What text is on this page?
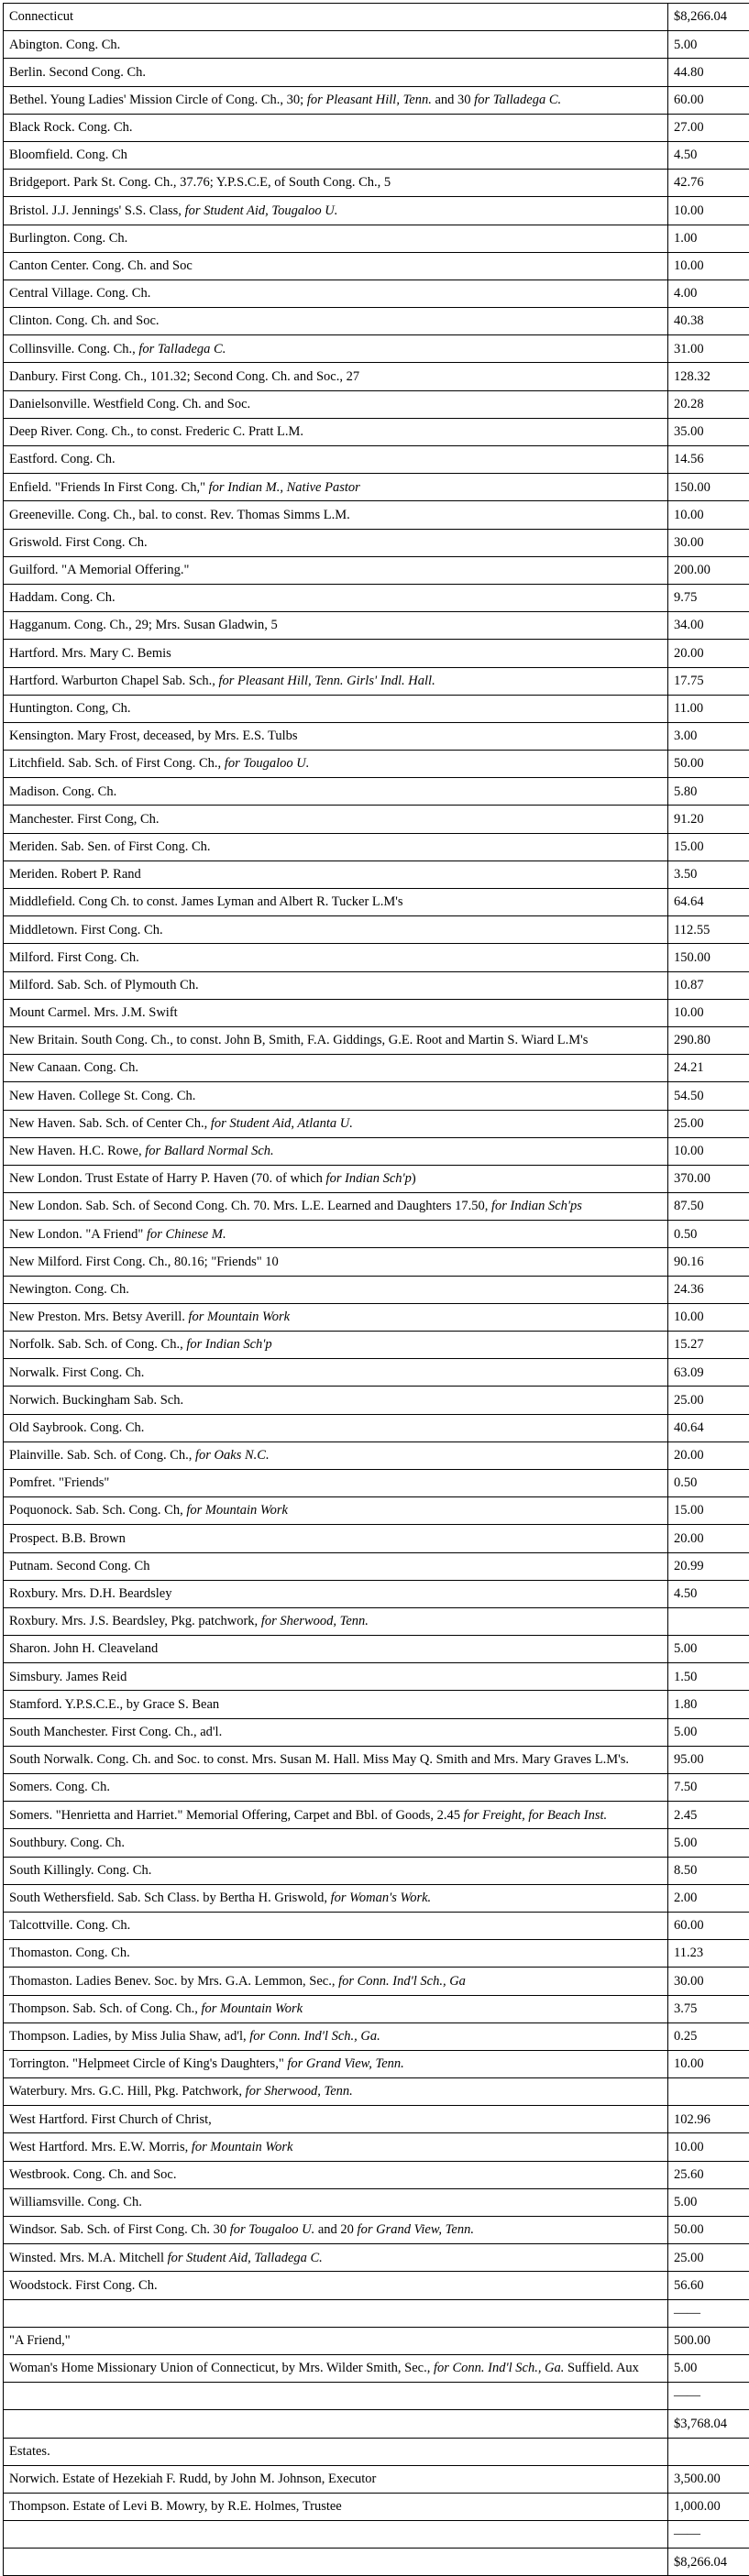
Connecticut	$8,266.04
Abington. Cong. Ch.	5.00
Berlin. Second Cong. Ch.	44.80
Bethel. Young Ladies' Mission Circle of Cong. Ch., 30; for Pleasant Hill, Tenn. and 30 for Talladega C.	60.00
Black Rock. Cong. Ch.	27.00
Bloomfield. Cong. Ch	4.50
Bridgeport. Park St. Cong. Ch., 37.76; Y.P.S.C.E, of South Cong. Ch., 5	42.76
Bristol. J.J. Jennings' S.S. Class, for Student Aid, Tougaloo U.	10.00
Burlington. Cong. Ch.	1.00
Canton Center. Cong. Ch. and Soc	10.00
Central Village. Cong. Ch.	4.00
Clinton. Cong. Ch. and Soc.	40.38
Collinsville. Cong. Ch., for Talladega C.	31.00
Danbury. First Cong. Ch., 101.32; Second Cong. Ch. and Soc., 27	128.32
Danielsonville. Westfield Cong. Ch. and Soc.	20.28
Deep River. Cong. Ch., to const. Frederic C. Pratt L.M.	35.00
Eastford. Cong. Ch.	14.56
Enfield. "Friends In First Cong. Ch," for Indian M., Native Pastor	150.00
Greeneville. Cong. Ch., bal. to const. Rev. Thomas Simms L.M.	10.00
Griswold. First Cong. Ch.	30.00
Guilford. "A Memorial Offering."	200.00
Haddam. Cong. Ch.	9.75
Hagganum. Cong. Ch., 29; Mrs. Susan Gladwin, 5	34.00
Hartford. Mrs. Mary C. Bemis	20.00
Hartford. Warburton Chapel Sab. Sch., for Pleasant Hill, Tenn. Girls' Indl. Hall.	17.75
Huntington. Cong, Ch.	11.00
Kensington. Mary Frost, deceased, by Mrs. E.S. Tulbs	3.00
Litchfield. Sab. Sch. of First Cong. Ch., for Tougaloo U.	50.00
Madison. Cong. Ch.	5.80
Manchester. First Cong, Ch.	91.20
Meriden. Sab. Sen. of First Cong. Ch.	15.00
Meriden. Robert P. Rand	3.50
Middlefield. Cong Ch. to const. James Lyman and Albert R. Tucker L.M's	64.64
Middletown. First Cong. Ch.	112.55
Milford. First Cong. Ch.	150.00
Milford. Sab. Sch. of Plymouth Ch.	10.87
Mount Carmel. Mrs. J.M. Swift	10.00
New Britain. South Cong. Ch., to const. John B, Smith, F.A. Giddings, G.E. Root and Martin S. Wiard L.M's	290.80
New Canaan. Cong. Ch.	24.21
New Haven. College St. Cong. Ch.	54.50
New Haven. Sab. Sch. of Center Ch., for Student Aid, Atlanta U.	25.00
New Haven. H.C. Rowe, for Ballard Normal Sch.	10.00
New London. Trust Estate of Harry P. Haven (70. of which for Indian Sch'p)	370.00
New London. Sab. Sch. of Second Cong. Ch. 70. Mrs. L.E. Learned and Daughters 17.50, for Indian Sch'ps	87.50
New London. "A Friend" for Chinese M.	0.50
New Milford. First Cong. Ch., 80.16; "Friends" 10	90.16
Newington. Cong. Ch.	24.36
New Preston. Mrs. Betsy Averill. for Mountain Work	10.00
Norfolk. Sab. Sch. of Cong. Ch., for Indian Sch'p	15.27
Norwalk. First Cong. Ch.	63.09
Norwich. Buckingham Sab. Sch.	25.00
Old Saybrook. Cong. Ch.	40.64
Plainville. Sab. Sch. of Cong. Ch., for Oaks N.C.	20.00
Pomfret. "Friends"	0.50
Poquonock. Sab. Sch. Cong. Ch, for Mountain Work	15.00
Prospect. B.B. Brown	20.00
Putnam. Second Cong. Ch	20.99
Roxbury. Mrs. D.H. Beardsley	4.50
Roxbury. Mrs. J.S. Beardsley, Pkg. patchwork, for Sherwood, Tenn.	
Sharon. John H. Cleaveland	5.00
Simsbury. James Reid	1.50
Stamford. Y.P.S.C.E., by Grace S. Bean	1.80
South Manchester. First Cong. Ch., ad'l.	5.00
South Norwalk. Cong. Ch. and Soc. to const. Mrs. Susan M. Hall. Miss May Q. Smith and Mrs. Mary Graves L.M's.	95.00
Somers. Cong. Ch.	7.50
Somers. "Henrietta and Harriet." Memorial Offering, Carpet and Bbl. of Goods, 2.45 for Freight, for Beach Inst.	2.45
Southbury. Cong. Ch.	5.00
South Killingly. Cong. Ch.	8.50
South Wethersfield. Sab. Sch Class. by Bertha H. Griswold, for Woman's Work.	2.00
Talcottville. Cong. Ch.	60.00
Thomaston. Cong. Ch.	11.23
Thomaston. Ladies Benev. Soc. by Mrs. G.A. Lemmon, Sec., for Conn. Ind'l Sch., Ga	30.00
Thompson. Sab. Sch. of Cong. Ch., for Mountain Work	3.75
Thompson. Ladies, by Miss Julia Shaw, ad'l, for Conn. Ind'l Sch., Ga.	0.25
Torrington. "Helpmeet Circle of King's Daughters," for Grand View, Tenn.	10.00
Waterbury. Mrs. G.C. Hill, Pkg. Patchwork, for Sherwood, Tenn.	
West Hartford. First Church of Christ,	102.96
West Hartford. Mrs. E.W. Morris, for Mountain Work	10.00
Westbrook. Cong. Ch. and Soc.	25.60
Williamsville. Cong. Ch.	5.00
Windsor. Sab. Sch. of First Cong. Ch. 30 for Tougaloo U. and 20 for Grand View, Tenn.	50.00
Winsted. Mrs. M.A. Mitchell for Student Aid, Talladega C.	25.00
Woodstock. First Cong. Ch.	56.60
	——
"A Friend,"	500.00
Woman's Home Missionary Union of Connecticut, by Mrs. Wilder Smith, Sec., for Conn. Ind'l Sch., Ga. Suffield. Aux	5.00
	——
	$3,768.04
Estates.	
Norwich. Estate of Hezekiah F. Rudd, by John M. Johnson, Executor	3,500.00
Thompson. Estate of Levi B. Mowry, by R.E. Holmes, Trustee	1,000.00
	——
	$8,266.04
